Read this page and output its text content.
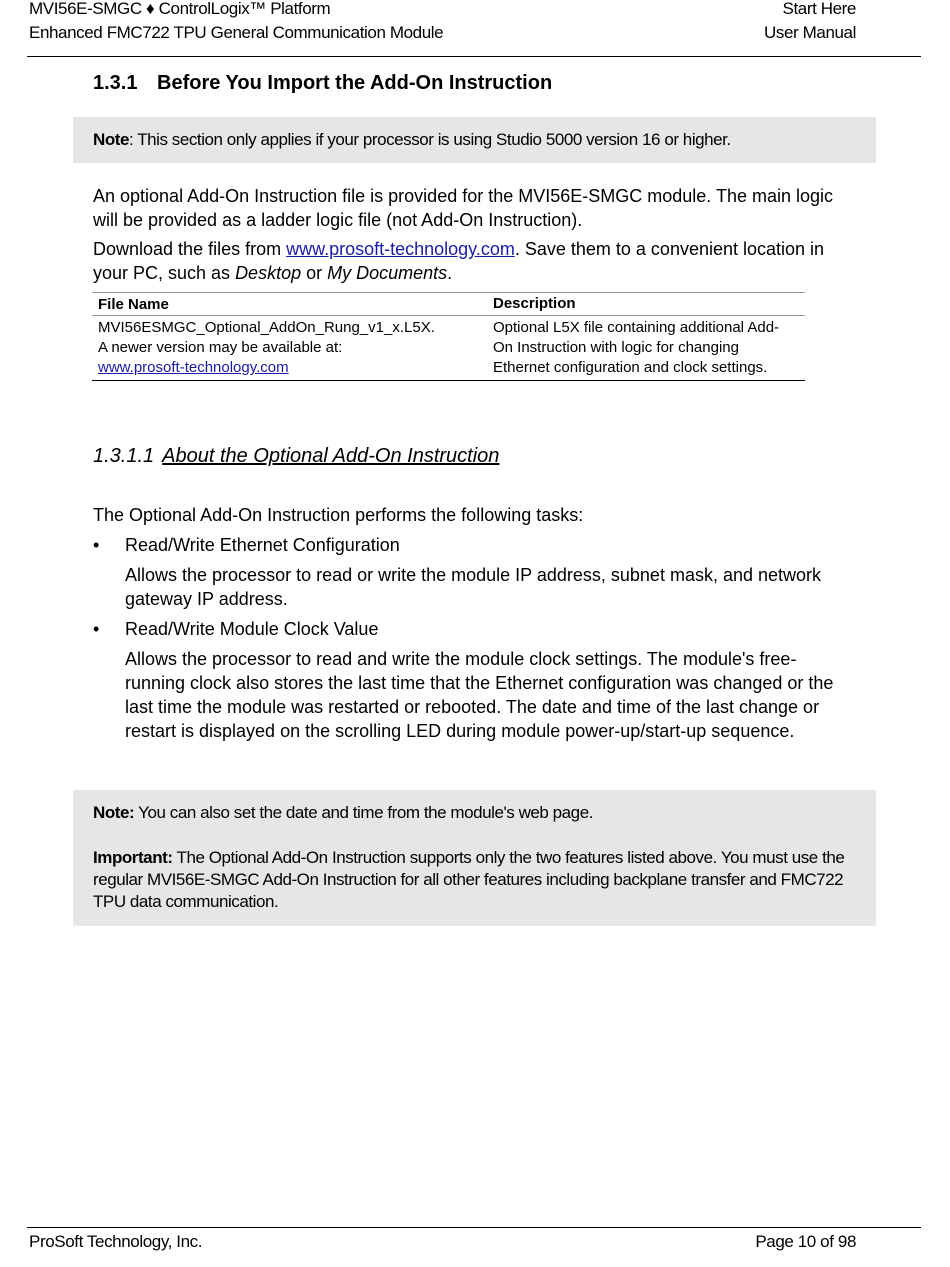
MVI56E-SMGC ♦ ControlLogix™ Platform	Start Here
Enhanced FMC722 TPU General Communication Module	User Manual
1.3.1 Before You Import the Add-On Instruction
Note: This section only applies if your processor is using Studio 5000 version 16 or higher.
An optional Add-On Instruction file is provided for the MVI56E-SMGC module. The main logic will be provided as a ladder logic file (not Add-On Instruction).
Download the files from www.prosoft-technology.com. Save them to a convenient location in your PC, such as Desktop or My Documents.
File Name	Description

MVI56ESMGC_Optional_AddOn_Rung_v1_x.L5X.
A newer version may be available at:
www.prosoft-technology.com	Optional L5X file containing additional Add-On Instruction with logic for changing Ethernet configuration and clock settings.
1.3.1.1 About the Optional Add-On Instruction
The Optional Add-On Instruction performs the following tasks:
•	Read/Write Ethernet Configuration
Allows the processor to read or write the module IP address, subnet mask, and network gateway IP address.
•	Read/Write Module Clock Value
Allows the processor to read and write the module clock settings. The module's free-running clock also stores the last time that the Ethernet configuration was changed or the last time the module was restarted or rebooted. The date and time of the last change or restart is displayed on the scrolling LED during module power-up/start-up sequence.
Note: You can also set the date and time from the module's web page.
Important: The Optional Add-On Instruction supports only the two features listed above. You must use the regular MVI56E-SMGC Add-On Instruction for all other features including backplane transfer and FMC722 TPU data communication.
ProSoft Technology, Inc.	Page 10 of 98
